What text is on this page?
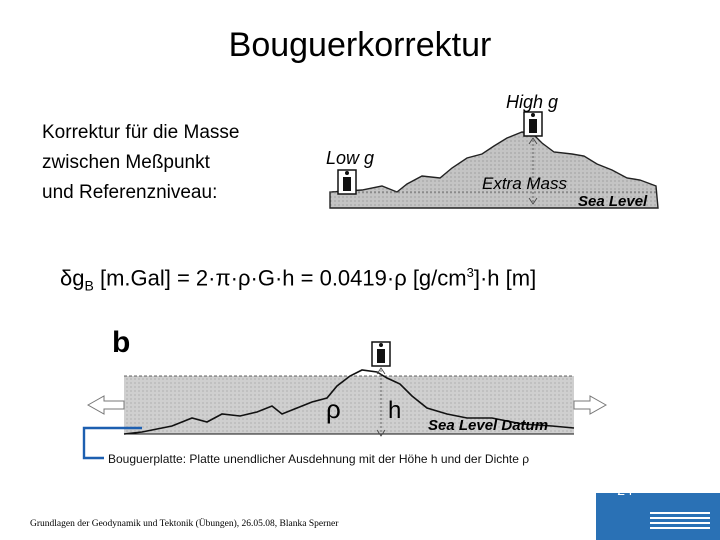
Bouguerkorrektur
Korrektur für die Masse
zwischen Meßpunkt
und Referenzniveau:
Low g
High g
Extra Mass
Sea Level
$\delta g_B$ [m.Gal] = 2·π·ρ·G·h = 0.0419·ρ $[g/cm^3]\cdot h$ [m]
b
ρ h
Sea Level Datum
Bouguerplatte: Platte unendlicher Ausdehnung mit der Höhe h und der Dichte ρ
Grundlagen der Geodynamik und Tektonik (Übungen), 26.05.08, Blanka Sperner
24
